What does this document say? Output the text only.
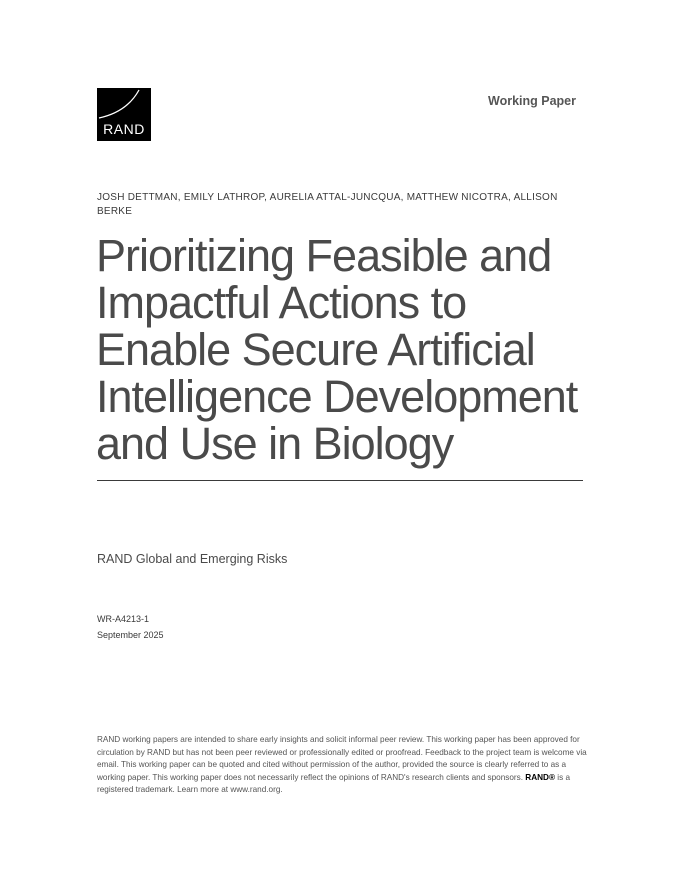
RAND
Working Paper
JOSH DETTMAN, EMILY LATHROP, AURELIA ATTAL-JUNCQUA, MATTHEW NICOTRA, ALLISON BERKE
Prioritizing Feasible and Impactful Actions to Enable Secure Artificial Intelligence Development and Use in Biology
RAND Global and Emerging Risks
WR-A4213-1
September 2025

RAND working papers are intended to share early insights and solicit informal peer review. This working paper has been approved for circulation by RAND but has not been peer reviewed or professionally edited or proofread. Feedback to the project team is welcome via email. This working paper can be quoted and cited without permission of the author, provided the source is clearly referred to as a working paper. This working paper does not necessarily reflect the opinions of RAND's research clients and sponsors. RAND® is a registered trademark. Learn more at www.rand.org.
